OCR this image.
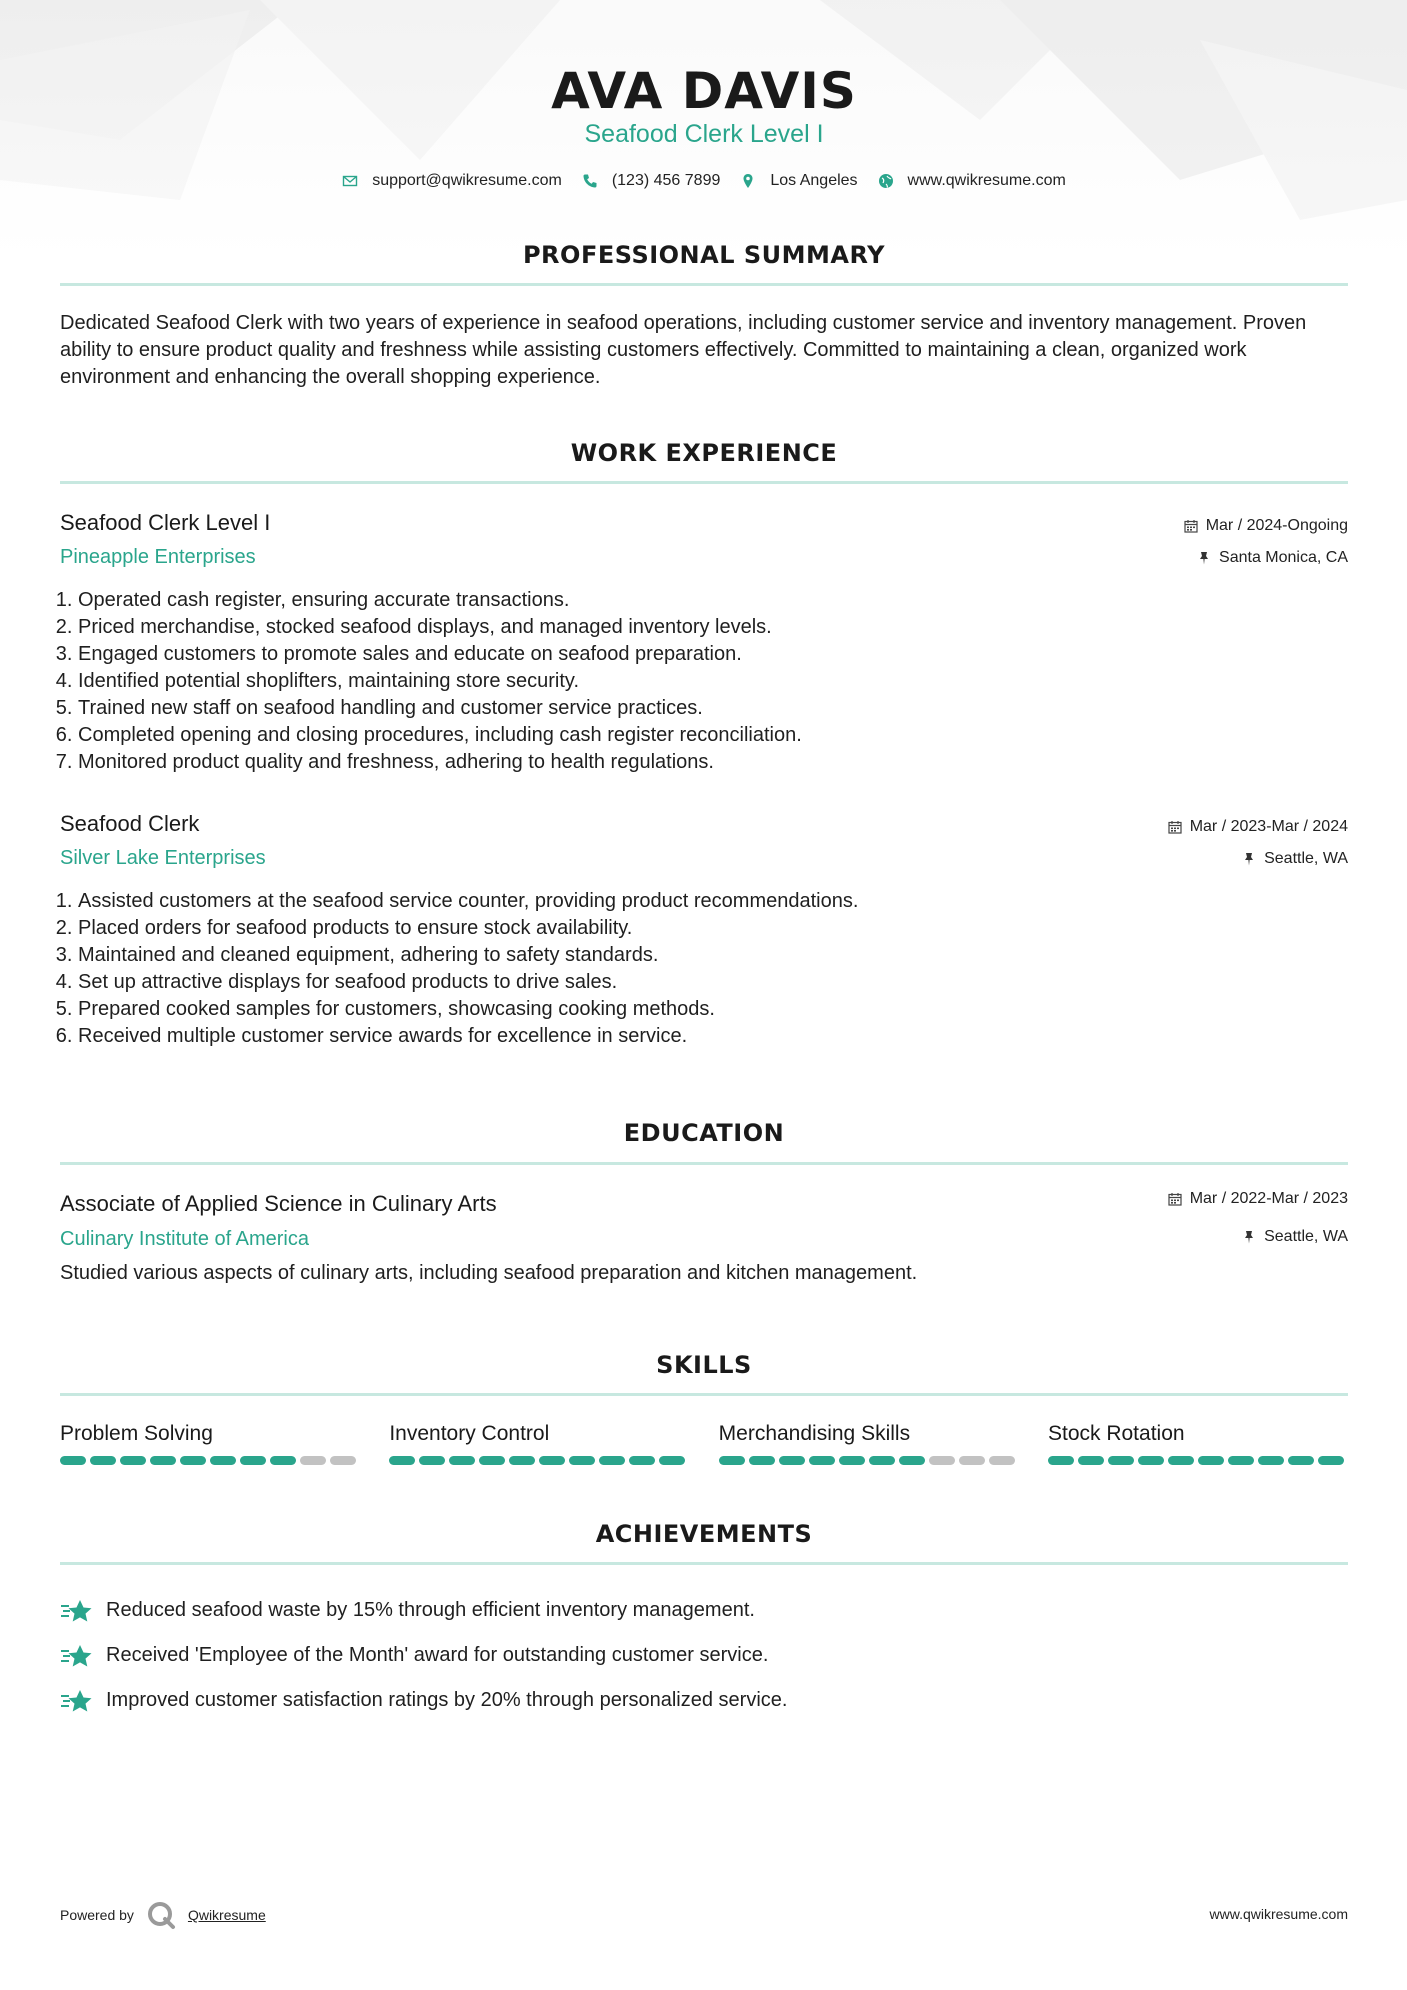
AVA DAVIS
Seafood Clerk Level I
support@qwikresume.com	(123) 456 7899	Los Angeles	www.qwikresume.com
PROFESSIONAL SUMMARY

Dedicated Seafood Clerk with two years of experience in seafood operations, including customer service and inventory management. Proven ability to ensure product quality and freshness while assisting customers effectively. Committed to maintaining a clean, organized work environment and enhancing the overall shopping experience.

WORK EXPERIENCE
Seafood Clerk Level I
Pineapple Enterprises
Mar / 2024-Ongoing
Santa Monica, CA
1. Operated cash register, ensuring accurate transactions.
2. Priced merchandise, stocked seafood displays, and managed inventory levels.
3. Engaged customers to promote sales and educate on seafood preparation.
4. Identified potential shoplifters, maintaining store security.
5. Trained new staff on seafood handling and customer service practices.
6. Completed opening and closing procedures, including cash register reconciliation.
7. Monitored product quality and freshness, adhering to health regulations.
Seafood Clerk
Silver Lake Enterprises
Mar / 2023-Mar / 2024
Seattle, WA
1. Assisted customers at the seafood service counter, providing product recommendations.
2. Placed orders for seafood products to ensure stock availability.
3. Maintained and cleaned equipment, adhering to safety standards.
4. Set up attractive displays for seafood products to drive sales.
5. Prepared cooked samples for customers, showcasing cooking methods.
6. Received multiple customer service awards for excellence in service.
EDUCATION
Associate of Applied Science in Culinary Arts
Culinary Institute of America
Mar / 2022-Mar / 2023
Seattle, WA

Studied various aspects of culinary arts, including seafood preparation and kitchen management.

SKILLS
Problem Solving	Inventory Control	Merchandising Skills	Stock Rotation
ACHIEVEMENTS
Reduced seafood waste by 15% through efficient inventory management.
Received 'Employee of the Month' award for outstanding customer service.
Improved customer satisfaction ratings by 20% through personalized service.
Powered by	Qwikresume	www.qwikresume.com
